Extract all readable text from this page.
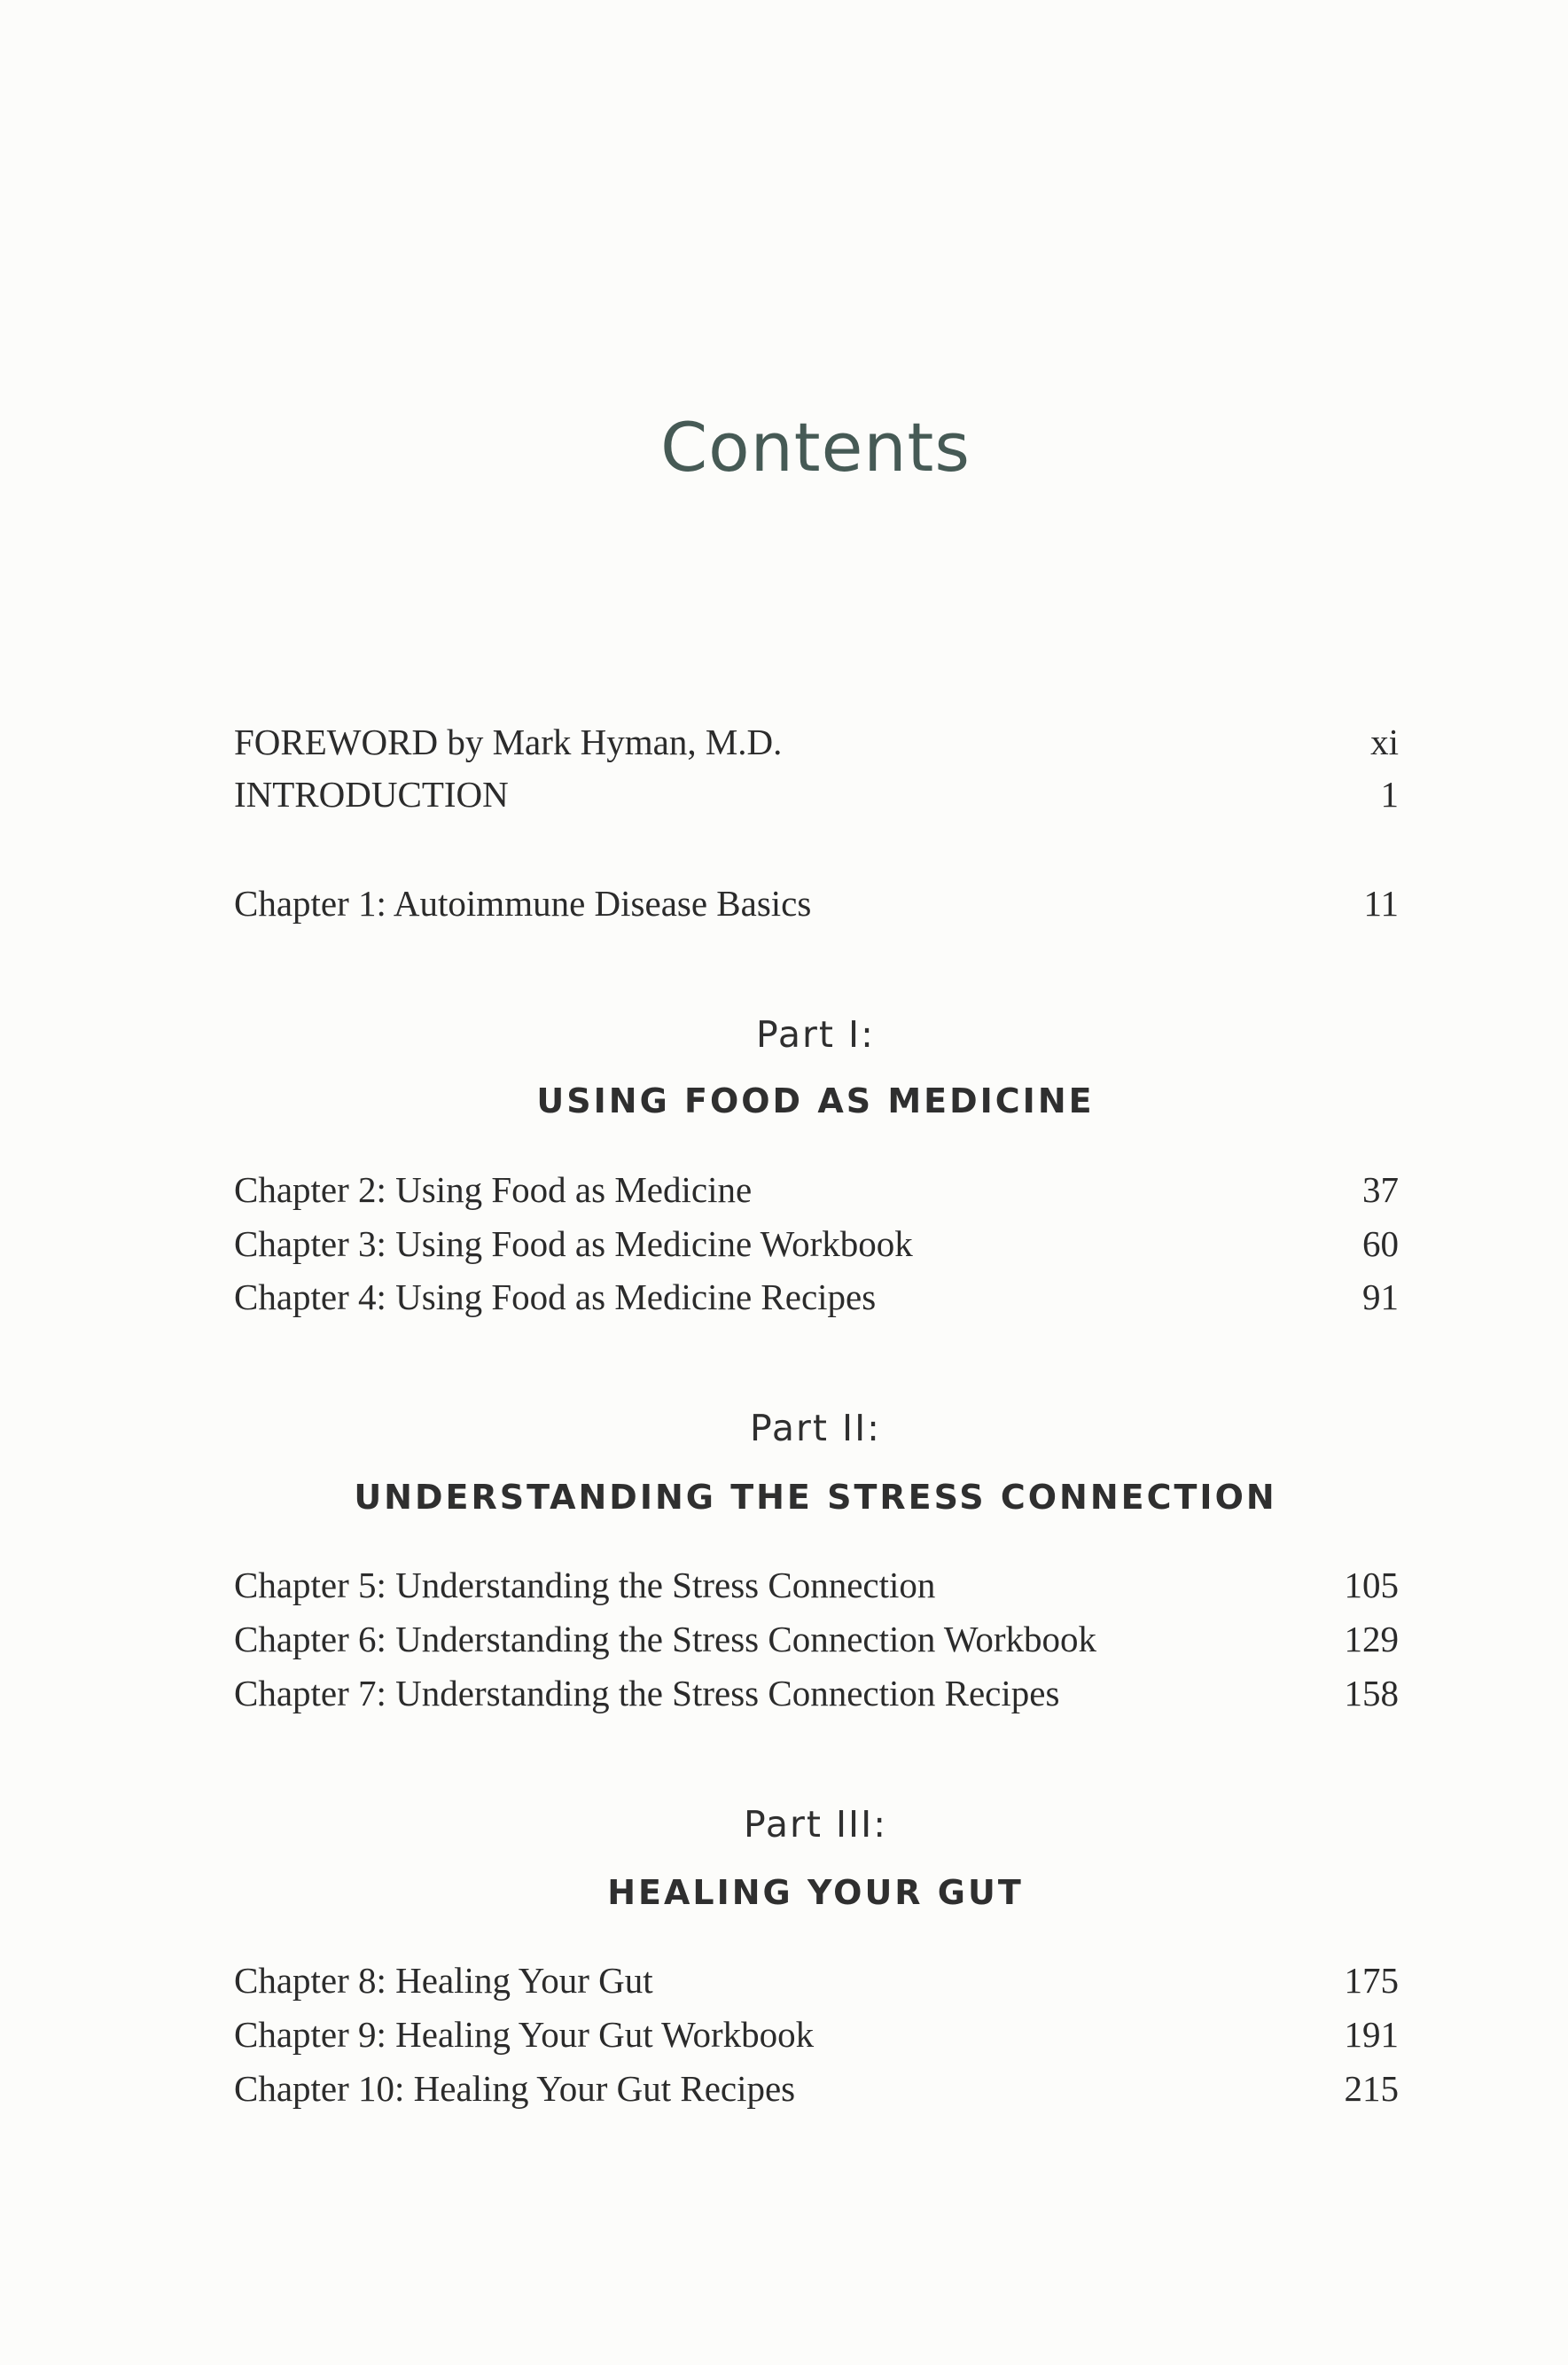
Contents
FOREWORD by Mark Hyman, M.D.	xi
INTRODUCTION	1
Chapter 1: Autoimmune Disease Basics	11
Part I:
USING FOOD AS MEDICINE
Chapter 2: Using Food as Medicine	37
Chapter 3: Using Food as Medicine Workbook	60
Chapter 4: Using Food as Medicine Recipes	91
Part II:
UNDERSTANDING THE STRESS CONNECTION
Chapter 5: Understanding the Stress Connection	105
Chapter 6: Understanding the Stress Connection Workbook	129
Chapter 7: Understanding the Stress Connection Recipes	158
Part III:
HEALING YOUR GUT
Chapter 8: Healing Your Gut	175
Chapter 9: Healing Your Gut Workbook	191
Chapter 10: Healing Your Gut Recipes	215
